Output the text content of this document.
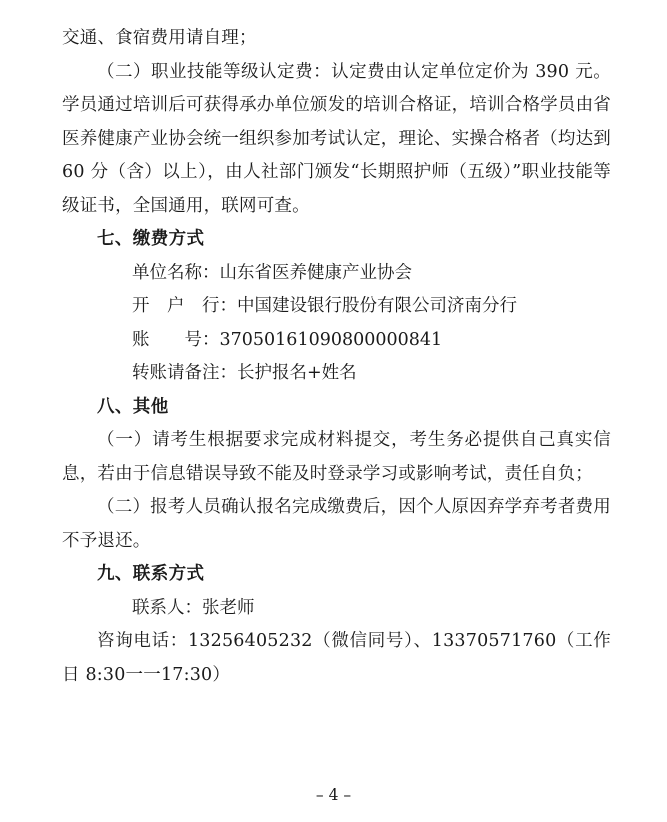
交通、食宿费用请自理；

（二）职业技能等级认定费：认定费由认定单位定价为 390 元。学员通过培训后可获得承办单位颁发的培训合格证，培训合格学员由省医养健康产业协会统一组织参加考试认定，理论、实操合格者（均达到 60 分（含）以上），由人社部门颁发“长期照护师（五级）”职业技能等级证书，全国通用，联网可查。

七、缴费方式

单位名称：山东省医养健康产业协会

开　户　行：中国建设银行股份有限公司济南分行

账　　号：37050161090800000841

转账请备注：长护报名+姓名

八、其他

（一）请考生根据要求完成材料提交，考生务必提供自己真实信息，若由于信息错误导致不能及时登录学习或影响考试，责任自负；

（二）报考人员确认报名完成缴费后，因个人原因弃学弃考者费用不予退还。

九、联系方式

联系人：张老师

咨询电话：13256405232（微信同号）、13370571760（工作日 8:30一一17:30）

– 4 –
